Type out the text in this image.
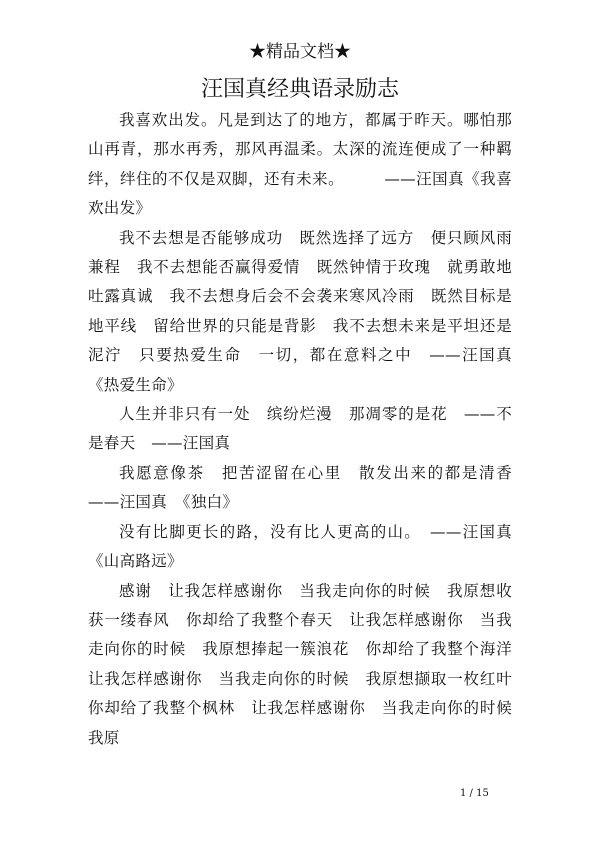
★精品文档★
汪国真经典语录励志

我喜欢出发。凡是到达了的地方，都属于昨天。哪怕那山再青，那水再秀，那风再温柔。太深的流连便成了一种羁绊，绊住的不仅是双脚，还有未来。　　　——汪国真《我喜欢出发》

我不去想是否能够成功　既然选择了远方　便只顾风雨兼程　我不去想能否赢得爱情　既然钟情于玫瑰　就勇敢地吐露真诚　我不去想身后会不会袭来寒风冷雨　既然目标是地平线　留给世界的只能是背影　我不去想未来是平坦还是泥泞　只要热爱生命　一切，都在意料之中　——汪国真　《热爱生命》

人生并非只有一处　缤纷烂漫　那凋零的是花　——不是春天　——汪国真

我愿意像茶　把苦涩留在心里　散发出来的都是清香　——汪国真　《独白》

没有比脚更长的路，没有比人更高的山。　——汪国真《山高路远》

感谢　让我怎样感谢你　当我走向你的时候　我原想收获一缕春风　你却给了我整个春天　让我怎样感谢你　当我走向你的时候　我原想捧起一簇浪花　你却给了我整个海洋　让我怎样感谢你　当我走向你的时候　我原想撷取一枚红叶　你却给了我整个枫林　让我怎样感谢你　当我走向你的时候　我原

1 / 15
